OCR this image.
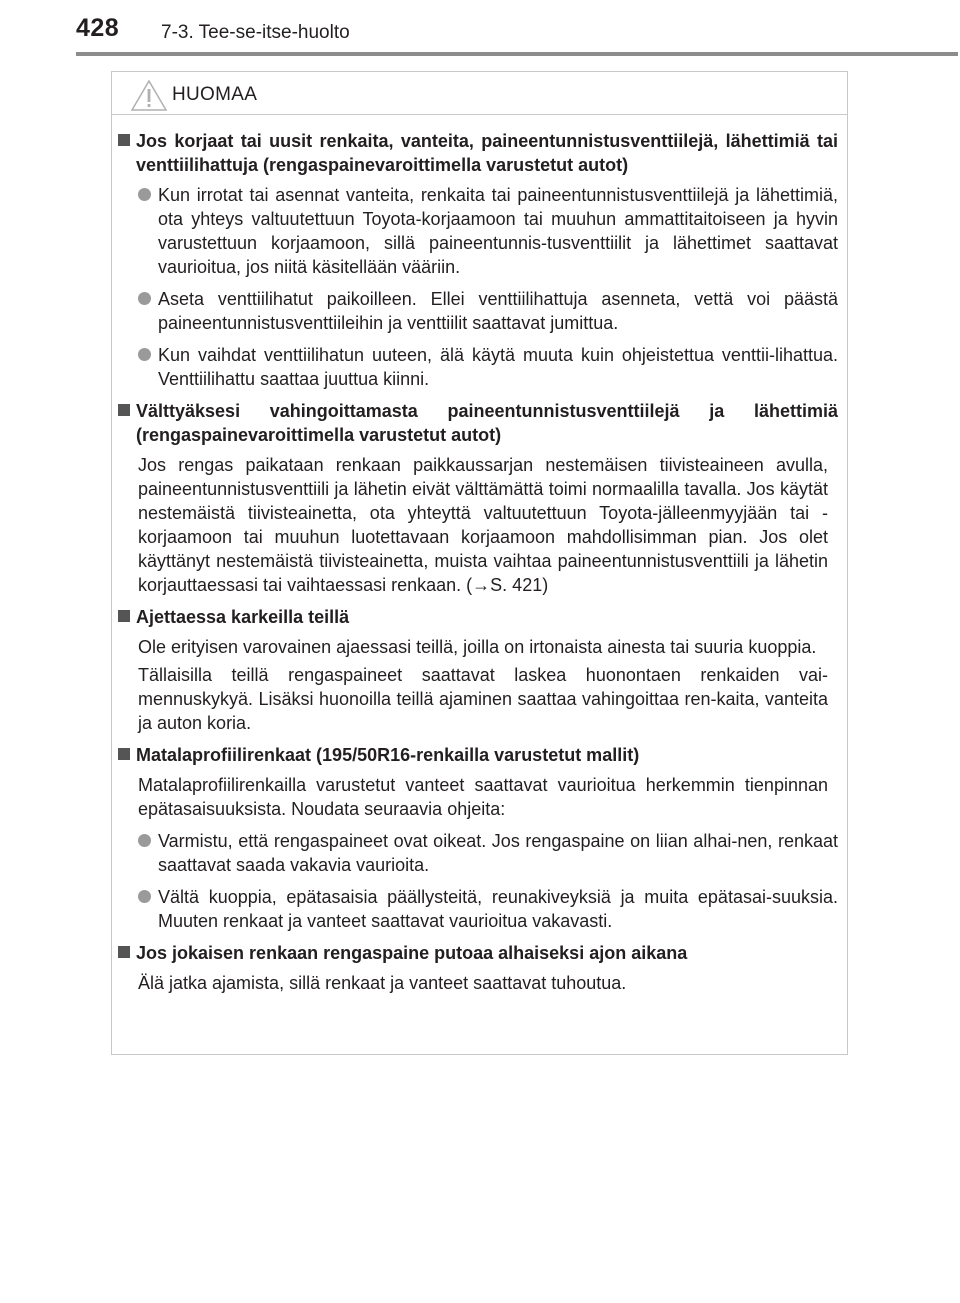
428 7-3. Tee-se-itse-huolto
HUOMAA
Jos korjaat tai uusit renkaita, vanteita, paineentunnistusventtiilejä, lähettimiä tai venttiilihattuja (rengaspainevaroittimella varustetut autot)
Kun irrotat tai asennat vanteita, renkaita tai paineentunnistusventtiilejä ja lähettimiä, ota yhteys valtuutettuun Toyota-korjaamoon tai muuhun ammattitaitoiseen ja hyvin varustettuun korjaamoon, sillä paineentunnis-tusventtiilit ja lähettimet saattavat vaurioitua, jos niitä käsitellään vääriin.
Aseta venttiilihatut paikoilleen. Ellei venttiilihattuja asenneta, vettä voi päästä paineentunnistusventtiileihin ja venttiilit saattavat jumittua.
Kun vaihdat venttiilihatun uuteen, älä käytä muuta kuin ohjeistettua venttii-lihattua. Venttiilihattu saattaa juuttua kiinni.
Välttyäksesi vahingoittamasta paineentunnistusventtiilejä ja lähettimiä (rengaspainevaroittimella varustetut autot)
Jos rengas paikataan renkaan paikkaussarjan nestemäisen tiivisteaineen avulla, paineentunnistusventtiili ja lähetin eivät välttämättä toimi normaalilla tavalla. Jos käytät nestemäistä tiivisteainetta, ota yhteyttä valtuutettuun Toyota-jälleenmyyjään tai -korjaamoon tai muuhun luotettavaan korjaamoon mahdollisimman pian. Jos olet käyttänyt nestemäistä tiivisteainetta, muista vaihtaa paineentunnistusventtiili ja lähetin korjauttaessasi tai vaihtaessasi renkaan. (→S. 421)
Ajettaessa karkeilla teillä
Ole erityisen varovainen ajaessasi teillä, joilla on irtonaista ainesta tai suuria kuoppia.
Tällaisilla teillä rengaspaineet saattavat laskea huonontaen renkaiden vai-mennuskykyä. Lisäksi huonoilla teillä ajaminen saattaa vahingoittaa ren-kaita, vanteita ja auton koria.
Matalaprofiilirenkaat (195/50R16-renkailla varustetut mallit)
Matalaprofiilirenkailla varustetut vanteet saattavat vaurioitua herkemmin tienpinnan epätasaisuuksista. Noudata seuraavia ohjeita:
Varmistu, että rengaspaineet ovat oikeat. Jos rengaspaine on liian alhai-nen, renkaat saattavat saada vakavia vaurioita.
Vältä kuoppia, epätasaisia päällysteitä, reunakiveyksiä ja muita epätasai-suuksia. Muuten renkaat ja vanteet saattavat vaurioitua vakavasti.
Jos jokaisen renkaan rengaspaine putoaa alhaiseksi ajon aikana
Älä jatka ajamista, sillä renkaat ja vanteet saattavat tuhoutua.
